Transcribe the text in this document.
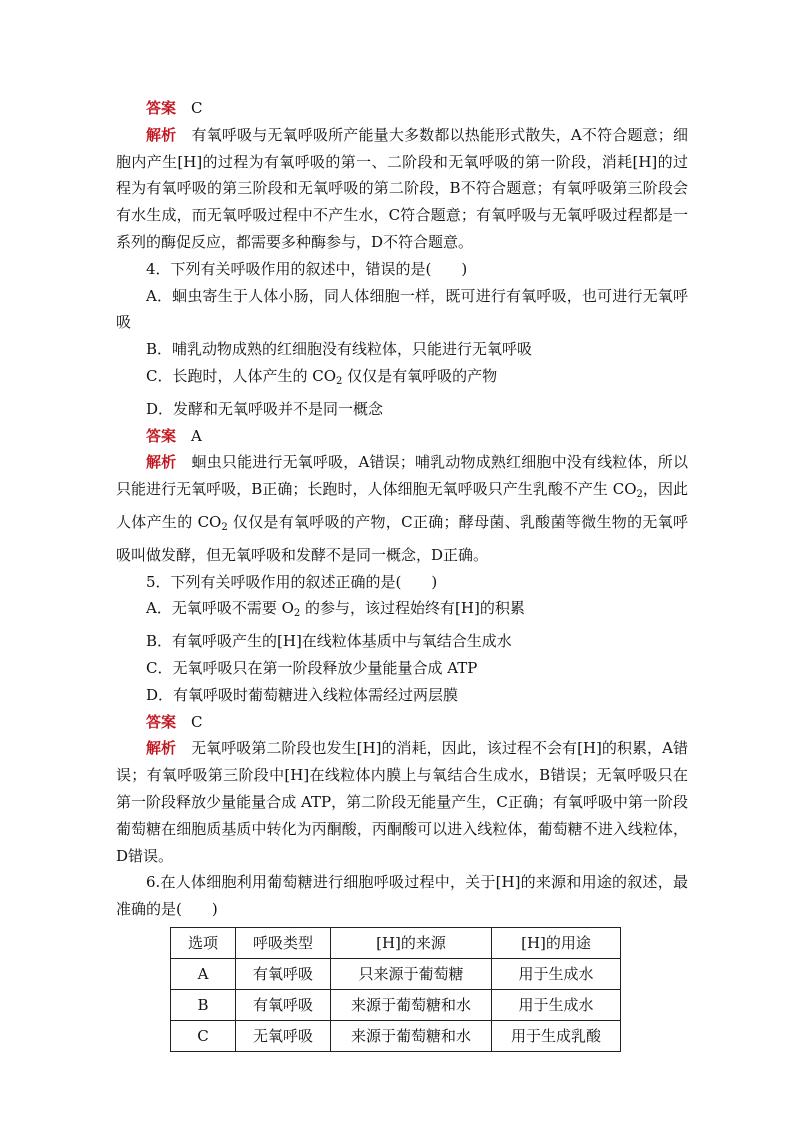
答案　 C
解析　 有氧呼吸与无氧呼吸所产能量大多数都以热能形式散失，A不符合题意；细胞内产生[H]的过程为有氧呼吸的第一、二阶段和无氧呼吸的第一阶段，消耗[H]的过程为有氧呼吸的第三阶段和无氧呼吸的第二阶段，B不符合题意；有氧呼吸第三阶段会有水生成，而无氧呼吸过程中不产生水，C符合题意；有氧呼吸与无氧呼吸过程都是一系列的酶促反应，都需要多种酶参与，D不符合题意。
4．下列有关呼吸作用的叙述中，错误的是(　　)
A．蛔虫寄生于人体小肠，同人体细胞一样，既可进行有氧呼吸，也可进行无氧呼吸
B．哺乳动物成熟的红细胞没有线粒体，只能进行无氧呼吸
C．长跑时，人体产生的 $CO_2$ 仅仅是有氧呼吸的产物
D．发酵和无氧呼吸并不是同一概念
答案　 A
解析　 蛔虫只能进行无氧呼吸，A错误；哺乳动物成熟红细胞中没有线粒体，所以只能进行无氧呼吸，B正确；长跑时，人体细胞无氧呼吸只产生乳酸不产生 $CO_2$，因此人体产生的 $CO_2$ 仅仅是有氧呼吸的产物，C正确；酵母菌、乳酸菌等微生物的无氧呼吸叫做发酵，但无氧呼吸和发酵不是同一概念，D正确。
5．下列有关呼吸作用的叙述正确的是(　　)
A．无氧呼吸不需要 $O_2$ 的参与，该过程始终有[H]的积累
B．有氧呼吸产生的[H]在线粒体基质中与氧结合生成水
C．无氧呼吸只在第一阶段释放少量能量合成 ATP
D．有氧呼吸时葡萄糖进入线粒体需经过两层膜
答案　 C
解析　 无氧呼吸第二阶段也发生[H]的消耗，因此，该过程不会有[H]的积累，A错误；有氧呼吸第三阶段中[H]在线粒体内膜上与氧结合生成水，B错误；无氧呼吸只在第一阶段释放少量能量合成 ATP，第二阶段无能量产生，C正确；有氧呼吸中第一阶段葡萄糖在细胞质基质中转化为丙酮酸，丙酮酸可以进入线粒体，葡萄糖不进入线粒体，D错误。
6.在人体细胞利用葡萄糖进行细胞呼吸过程中，关于[H]的来源和用途的叙述，最准确的是(　　)
选项	呼吸类型	[H]的来源	[H]的用途
A	有氧呼吸	只来源于葡萄糖	用于生成水
B	有氧呼吸	来源于葡萄糖和水	用于生成水
C	无氧呼吸	来源于葡萄糖和水	用于生成乳酸
